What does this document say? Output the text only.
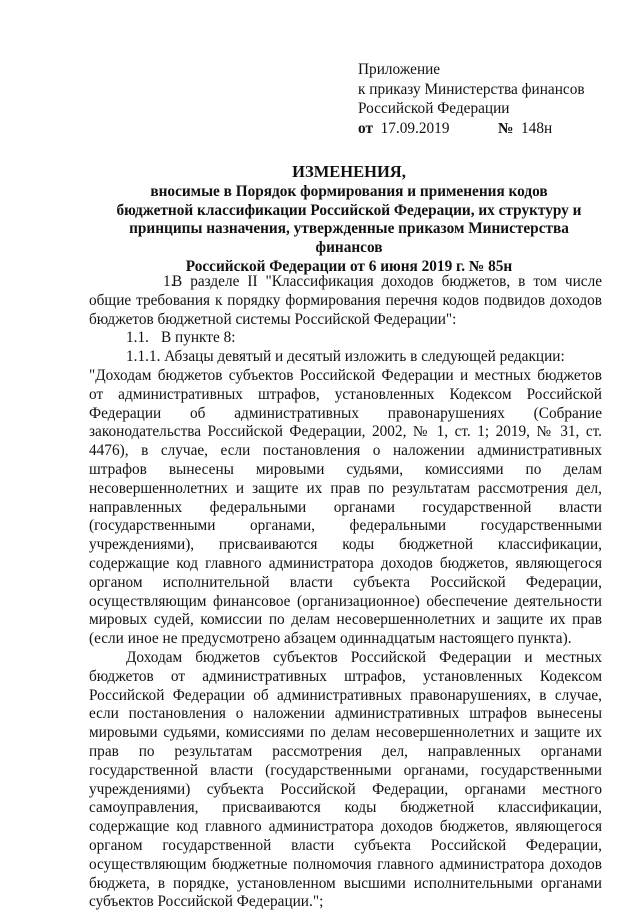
Приложение
к приказу Министерства финансов
Российской Федерации
от 17.09.2019	№ 148н
ИЗМЕНЕНИЯ,
вносимые в Порядок формирования и применения кодов
бюджетной классификации Российской Федерации, их структуру и
принципы назначения, утвержденные приказом Министерства финансов
Российской Федерации от 6 июня 2019 г. № 85н
1.В разделе II "Классификация доходов бюджетов, в том числе общие требования к порядку формирования перечня кодов подвидов доходов бюджетов бюджетной системы Российской Федерации":
1.1. В пункте 8:
1.1.1. Абзацы девятый и десятый изложить в следующей редакции:
"Доходам бюджетов субъектов Российской Федерации и местных бюджетов от административных штрафов, установленных Кодексом Российской Федерации об административных правонарушениях (Собрание законодательства Российской Федерации, 2002, № 1, ст. 1; 2019, № 31, ст. 4476), в случае, если постановления о наложении административных штрафов вынесены мировыми судьями, комиссиями по делам несовершеннолетних и защите их прав по результатам рассмотрения дел, направленных федеральными органами государственной власти (государственными органами, федеральными государственными учреждениями), присваиваются коды бюджетной классификации, содержащие код главного администратора доходов бюджетов, являющегося органом исполнительной власти субъекта Российской Федерации, осуществляющим финансовое (организационное) обеспечение деятельности мировых судей, комиссии по делам несовершеннолетних и защите их прав (если иное не предусмотрено абзацем одиннадцатым настоящего пункта).
Доходам бюджетов субъектов Российской Федерации и местных бюджетов от административных штрафов, установленных Кодексом Российской Федерации об административных правонарушениях, в случае, если постановления о наложении административных штрафов вынесены мировыми судьями, комиссиями по делам несовершеннолетних и защите их прав по результатам рассмотрения дел, направленных органами государственной власти (государственными органами, государственными учреждениями) субъекта Российской Федерации, органами местного самоуправления, присваиваются коды бюджетной классификации, содержащие код главного администратора доходов бюджетов, являющегося органом государственной власти субъекта Российской Федерации, осуществляющим бюджетные полномочия главного администратора доходов бюджета, в порядке, установленном высшими исполнительными органами субъектов Российской Федерации.";
